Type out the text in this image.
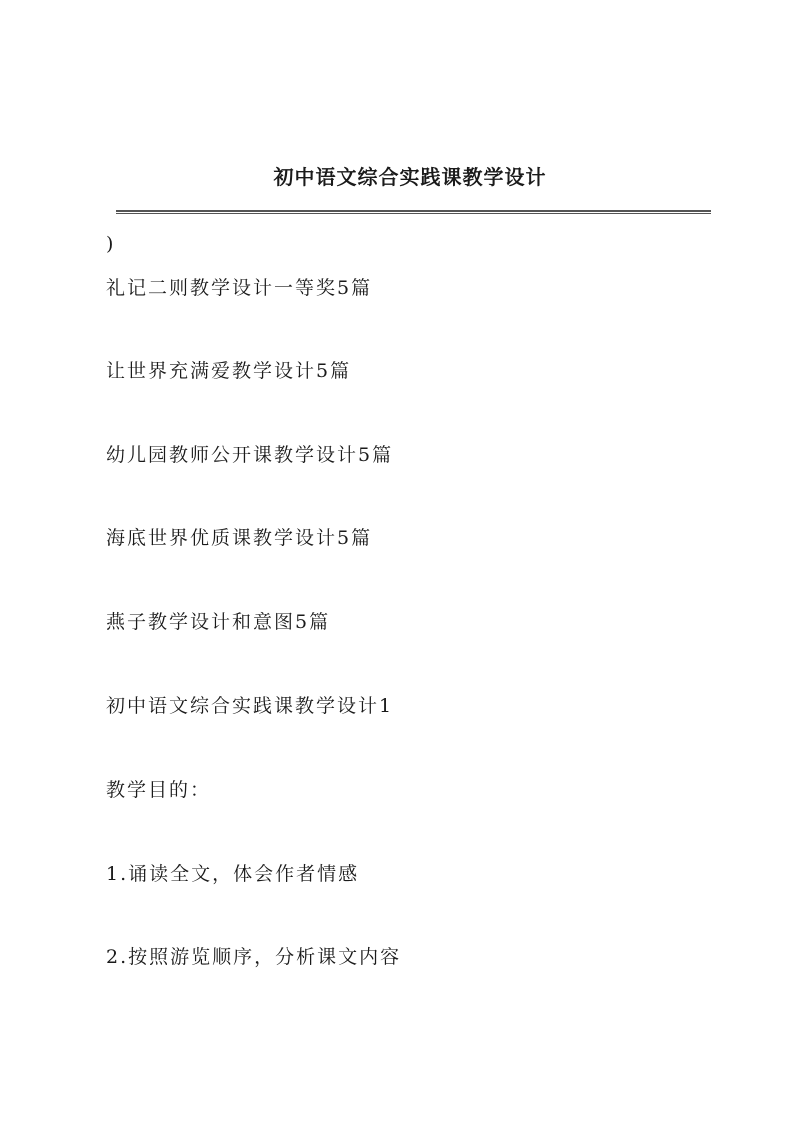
初中语文综合实践课教学设计
)
礼记二则教学设计一等奖5篇
让世界充满爱教学设计5篇
幼儿园教师公开课教学设计5篇
海底世界优质课教学设计5篇
燕子教学设计和意图5篇
初中语文综合实践课教学设计1
教学目的：
1.诵读全文，体会作者情感
2.按照游览顺序，分析课文内容
